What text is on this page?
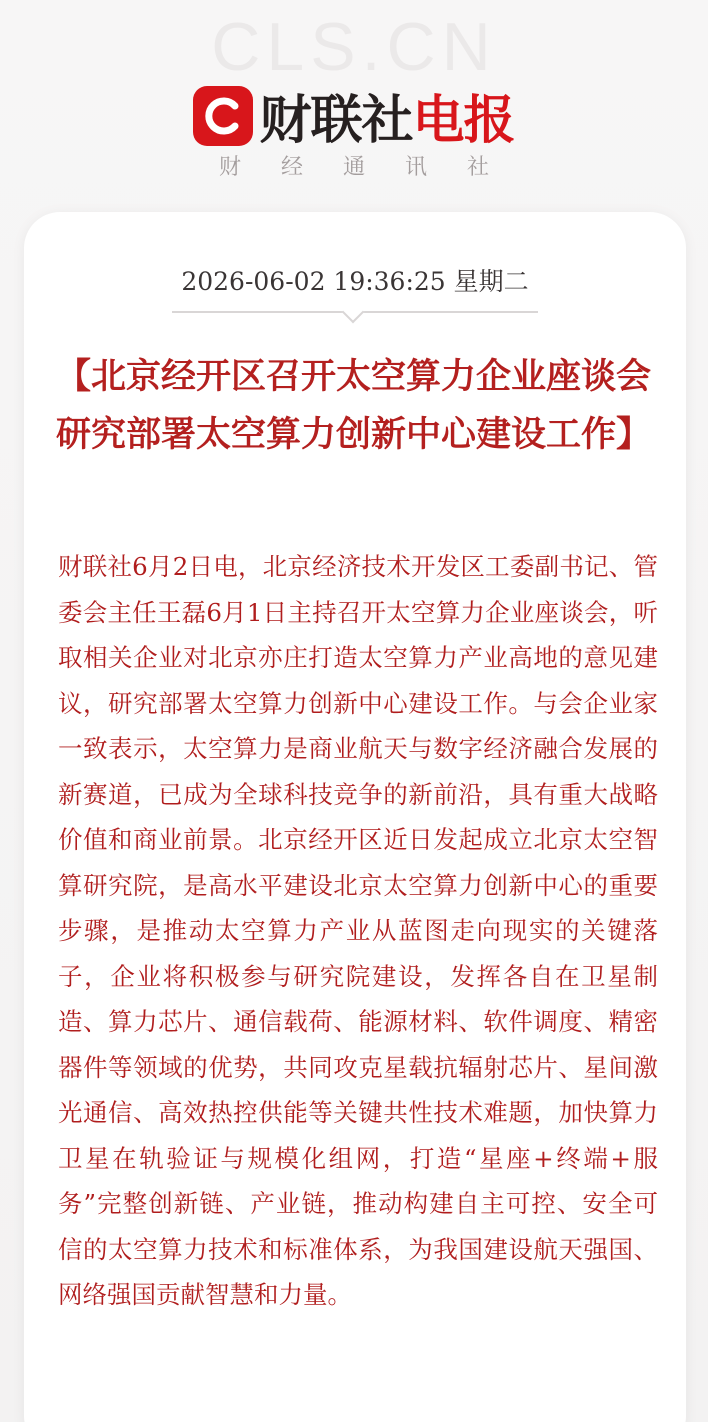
CLS.CN
财联社 电报
财经通讯社
2026-06-02 19:36:25 星期二
【北京经开区召开太空算力企业座谈会 研究部署太空算力创新中心建设工作】
财联社6月2日电，北京经济技术开发区工委副书记、管委会主任王磊6月1日主持召开太空算力企业座谈会，听取相关企业对北京亦庄打造太空算力产业高地的意见建议，研究部署太空算力创新中心建设工作。与会企业家一致表示，太空算力是商业航天与数字经济融合发展的新赛道，已成为全球科技竞争的新前沿，具有重大战略价值和商业前景。北京经开区近日发起成立北京太空智算研究院，是高水平建设北京太空算力创新中心的重要步骤，是推动太空算力产业从蓝图走向现实的关键落子，企业将积极参与研究院建设，发挥各自在卫星制造、算力芯片、通信载荷、能源材料、软件调度、精密器件等领域的优势，共同攻克星载抗辐射芯片、星间激光通信、高效热控供能等关键共性技术难题，加快算力卫星在轨验证与规模化组网，打造“星座+终端+服务”完整创新链、产业链，推动构建自主可控、安全可信的太空算力技术和标准体系，为我国建设航天强国、网络强国贡献智慧和力量。
